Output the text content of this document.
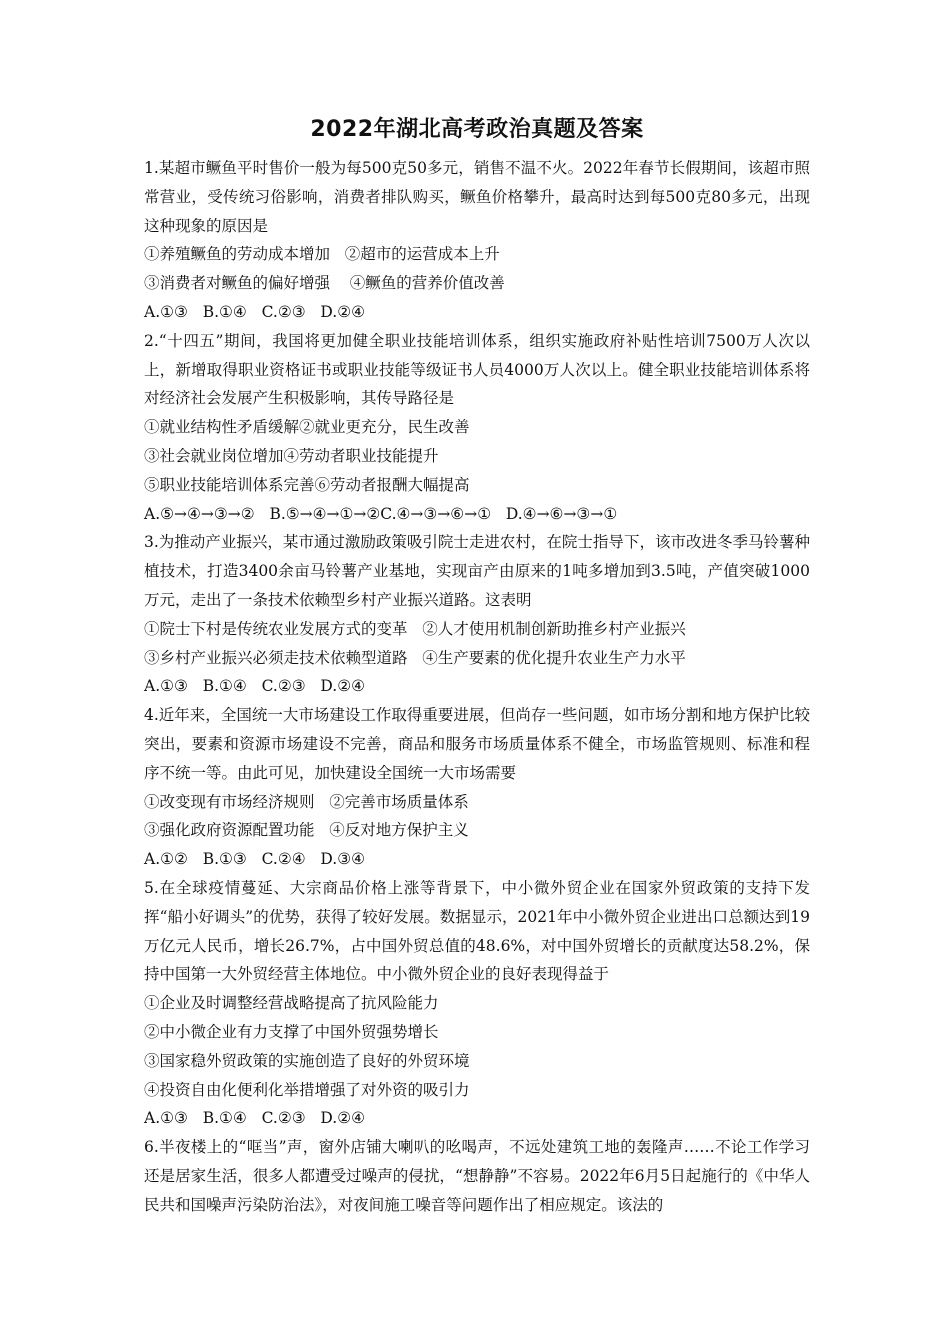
2022年湖北高考政治真题及答案

1.某超市鳜鱼平时售价一般为每500克50多元，销售不温不火。2022年春节长假期间，该超市照常营业，受传统习俗影响，消费者排队购买，鳜鱼价格攀升，最高时达到每500克80多元，出现这种现象的原因是

①养殖鳜鱼的劳动成本增加   ②超市的运营成本上升

③消费者对鳜鱼的偏好增强    ④鳜鱼的营养价值改善

A.①③   B.①④   C.②③   D.②④

2.“十四五”期间，我国将更加健全职业技能培训体系，组织实施政府补贴性培训7500万人次以上，新增取得职业资格证书或职业技能等级证书人员4000万人次以上。健全职业技能培训体系将对经济社会发展产生积极影响，其传导路径是

①就业结构性矛盾缓解②就业更充分，民生改善

③社会就业岗位增加④劳动者职业技能提升

⑤职业技能培训体系完善⑥劳动者报酬大幅提高

A.⑤→④→③→②   B.⑤→④→①→②C.④→③→⑥→①   D.④→⑥→③→①

3.为推动产业振兴，某市通过激励政策吸引院士走进农村，在院士指导下，该市改进冬季马铃薯种植技术，打造3400余亩马铃薯产业基地，实现亩产由原来的1吨多增加到3.5吨，产值突破1000万元，走出了一条技术依赖型乡村产业振兴道路。这表明

①院士下村是传统农业发展方式的变革   ②人才使用机制创新助推乡村产业振兴

③乡村产业振兴必须走技术依赖型道路   ④生产要素的优化提升农业生产力水平

A.①③   B.①④   C.②③   D.②④

4.近年来，全国统一大市场建设工作取得重要进展，但尚存一些问题，如市场分割和地方保护比较突出，要素和资源市场建设不完善，商品和服务市场质量体系不健全，市场监管规则、标准和程序不统一等。由此可见，加快建设全国统一大市场需要

①改变现有市场经济规则   ②完善市场质量体系

③强化政府资源配置功能   ④反对地方保护主义

A.①②   B.①③   C.②④   D.③④

5.在全球疫情蔓延、大宗商品价格上涨等背景下，中小微外贸企业在国家外贸政策的支持下发挥“船小好调头”的优势，获得了较好发展。数据显示，2021年中小微外贸企业进出口总额达到19万亿元人民币，增长26.7%，占中国外贸总值的48.6%，对中国外贸增长的贡献度达58.2%，保持中国第一大外贸经营主体地位。中小微外贸企业的良好表现得益于

①企业及时调整经营战略提高了抗风险能力

②中小微企业有力支撑了中国外贸强势增长

③国家稳外贸政策的实施创造了良好的外贸环境

④投资自由化便利化举措增强了对外资的吸引力

A.①③   B.①④   C.②③   D.②④

6.半夜楼上的“哐当”声，窗外店铺大喇叭的吆喝声，不远处建筑工地的轰隆声……不论工作学习还是居家生活，很多人都遭受过噪声的侵扰，“想静静”不容易。2022年6月5日起施行的《中华人民共和国噪声污染防治法》，对夜间施工噪音等问题作出了相应规定。该法的
